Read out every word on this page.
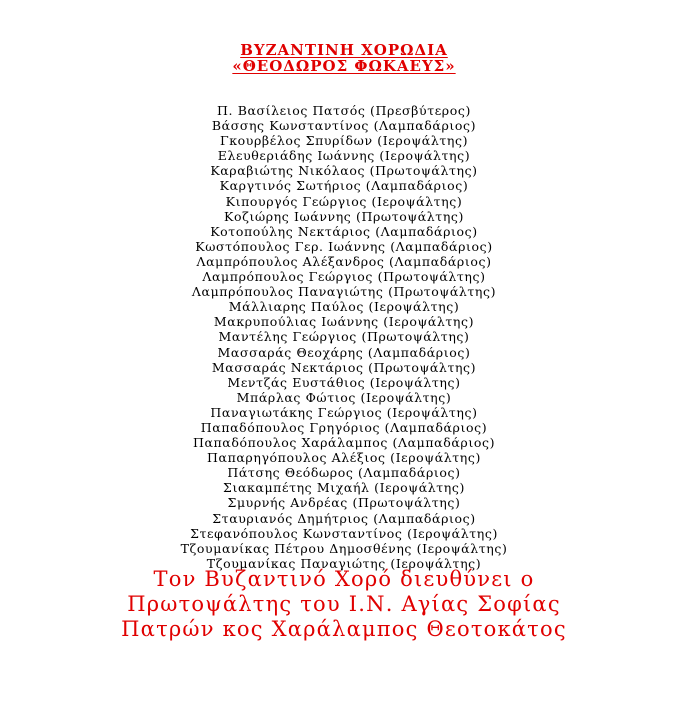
ΒΥΖΑΝΤΙΝΗ ΧΟΡΩΔΙΑ
«ΘΕΟΔΩΡΟΣ ΦΩΚΑΕΥΣ»
Π. Βασίλειος Πατσός (Πρεσβύτερος)
Βάσσης Κωνσταντίνος (Λαμπαδάριος)
Γκουρβέλος Σπυρίδων (Ιεροψάλτης)
Ελευθεριάδης Ιωάννης (Ιεροψάλτης)
Καραβιώτης Νικόλαος (Πρωτοψάλτης)
Καργτινός Σωτήριος (Λαμπαδάριος)
Κιπουργός Γεώργιος (Ιεροψάλτης)
Κοζιώρης Ιωάννης (Πρωτοψάλτης)
Κοτοπούλης Νεκτάριος (Λαμπαδάριος)
Κωστόπουλος Γερ. Ιωάννης (Λαμπαδάριος)
Λαμπρόπουλος Αλέξανδρος (Λαμπαδάριος)
Λαμπρόπουλος Γεώργιος (Πρωτοψάλτης)
Λαμπρόπουλος Παναγιώτης (Πρωτοψάλτης)
Μάλλιαρης Παύλος (Ιεροψάλτης)
Μακρυπούλιας Ιωάννης (Ιεροψάλτης)
Μαντέλης Γεώργιος (Πρωτοψάλτης)
Μασσαράς Θεοχάρης (Λαμπαδάριος)
Μασσαράς Νεκτάριος (Πρωτοψάλτης)
Μεντζάς Ευστάθιος (Ιεροψάλτης)
Μπάρλας Φώτιος (Ιεροψάλτης)
Παναγιωτάκης Γεώργιος (Ιεροψάλτης)
Παπαδόπουλος Γρηγόριος (Λαμπαδάριος)
Παπαδόπουλος Χαράλαμπος (Λαμπαδάριος)
Παπαρηγόπουλος Αλέξιος (Ιεροψάλτης)
Πάτσης Θεόδωρος (Λαμπαδάριος)
Σιακαμπέτης Μιχαήλ (Ιεροψάλτης)
Σμυρνής Ανδρέας (Πρωτοψάλτης)
Σταυριανός Δημήτριος (Λαμπαδάριος)
Στεφανόπουλος Κωνσταντίνος (Ιεροψάλτης)
Τζουμανίκας Πέτρου Δημοσθένης (Ιεροψάλτης)
Τζουμανίκας Παναγιώτης (Ιεροψάλτης)
Τον Βυζαντινό Χορό διευθύνει ο
Πρωτοψάλτης του Ι.Ν. Αγίας Σοφίας
Πατρών κος Χαράλαμπος Θεοτοκάτος
